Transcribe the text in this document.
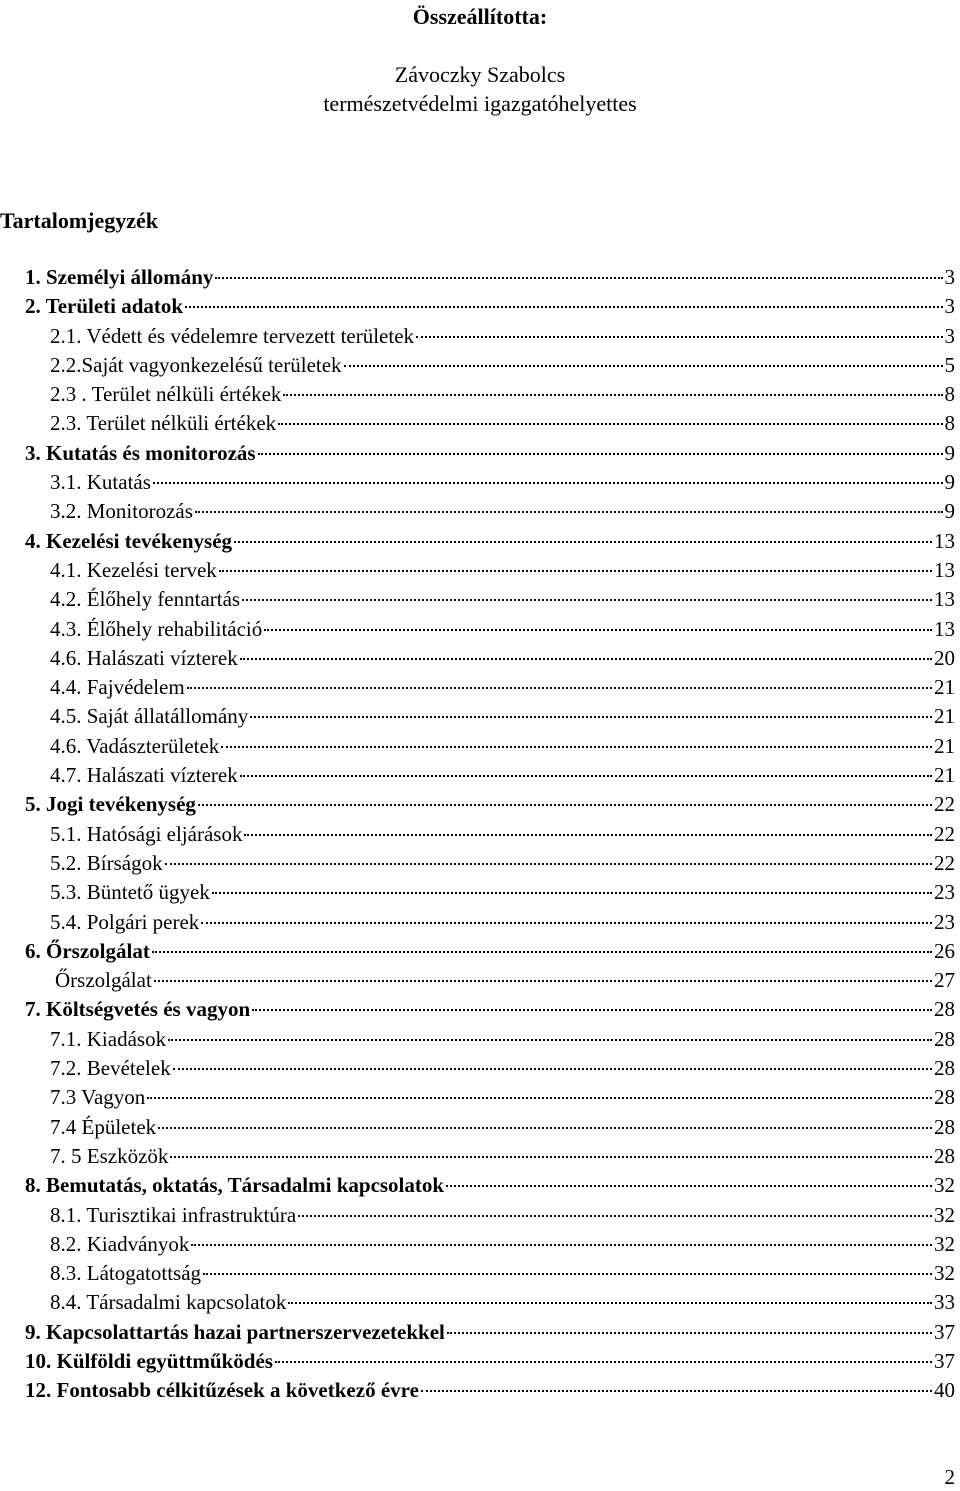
Összeállította:
Závoczky Szabolcs
természetvédelmi igazgatóhelyettes
Tartalomjegyzék
1. Személyi állomány	3
2. Területi adatok	3
2.1. Védett és védelemre tervezett területek	3
2.2.Saját vagyonkezelésű területek	5
2.3 . Terület nélküli értékek	8
2.3. Terület nélküli értékek	8
3. Kutatás és monitorozás	9
3.1. Kutatás	9
3.2. Monitorozás	9
4. Kezelési tevékenység	13
4.1. Kezelési tervek	13
4.2. Élőhely fenntartás	13
4.3. Élőhely rehabilitáció	13
4.6. Halászati vízterek	20
4.4. Fajvédelem	21
4.5. Saját állatállomány	21
4.6. Vadászterületek	21
4.7. Halászati vízterek	21
5. Jogi tevékenység	22
5.1. Hatósági eljárások	22
5.2. Bírságok	22
5.3. Büntető ügyek	23
5.4. Polgári perek	23
6. Őrszolgálat	26
Őrszolgálat	27
7. Költségvetés és vagyon	28
7.1. Kiadások	28
7.2. Bevételek	28
7.3 Vagyon	28
7.4 Épületek	28
7. 5 Eszközök	28
8. Bemutatás, oktatás, Társadalmi kapcsolatok	32
8.1. Turisztikai infrastruktúra	32
8.2. Kiadványok	32
8.3. Látogatottság	32
8.4. Társadalmi kapcsolatok	33
9. Kapcsolattartás hazai partnerszervezetekkel	37
10. Külföldi együttműködés	37
12. Fontosabb célkitűzések a következő évre	40
2
